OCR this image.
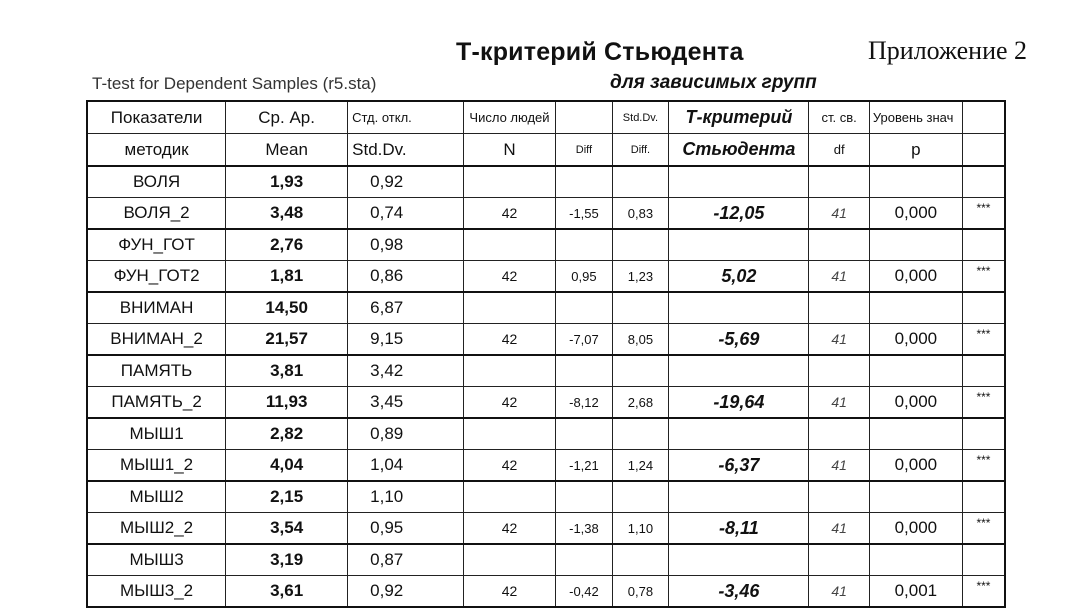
Т-критерий Стьюдента	Приложение 2
T-test for Dependent Samples (r5.sta)	для зависимых групп
Показатели	Ср. Ар.	Стд. откл.	Число людей		Std.Dv.	Т-критерий	ст. св.	Уровень знач	
методик	Mean	Std.Dv.	N	Diff	Diff.	Стьюдента	df	p	
ВОЛЯ	1,93	0,92							
ВОЛЯ_2	3,48	0,74	42	-1,55	0,83	-12,05	41	0,000	***
ФУН_ГОТ	2,76	0,98							
ФУН_ГОТ2	1,81	0,86	42	0,95	1,23	5,02	41	0,000	***
ВНИМАН	14,50	6,87							
ВНИМАН_2	21,57	9,15	42	-7,07	8,05	-5,69	41	0,000	***
ПАМЯТЬ	3,81	3,42							
ПАМЯТЬ_2	11,93	3,45	42	-8,12	2,68	-19,64	41	0,000	***
МЫШ1	2,82	0,89							
МЫШ1_2	4,04	1,04	42	-1,21	1,24	-6,37	41	0,000	***
МЫШ2	2,15	1,10							
МЫШ2_2	3,54	0,95	42	-1,38	1,10	-8,11	41	0,000	***
МЫШ3	3,19	0,87							
МЫШ3_2	3,61	0,92	42	-0,42	0,78	-3,46	41	0,001	***
